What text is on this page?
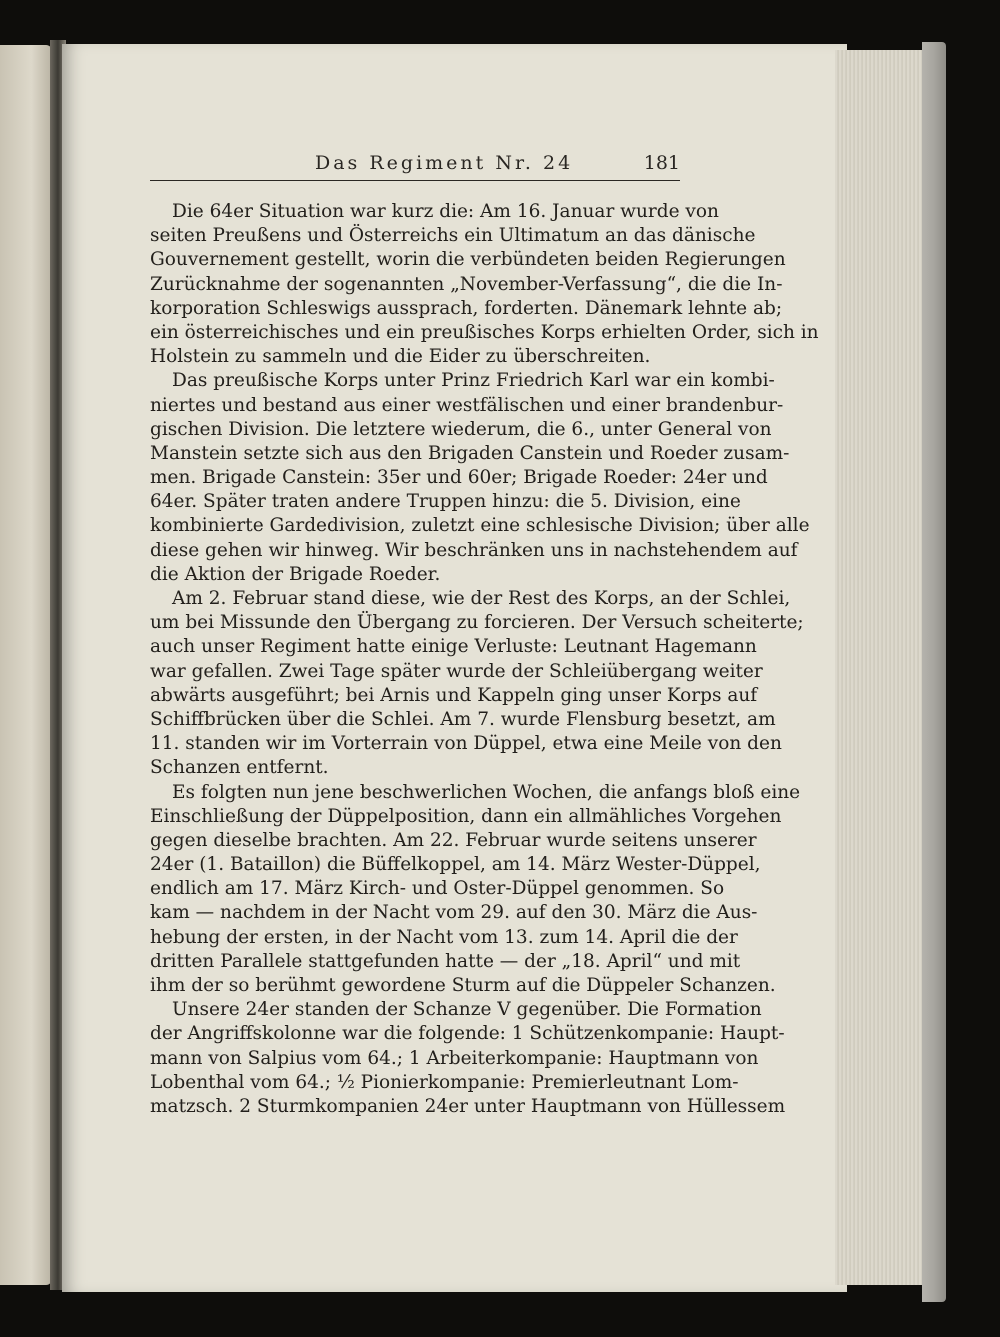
Das Regiment Nr. 24	181
Die 64er Situation war kurz die: Am 16. Januar wurde von
seiten Preußens und Österreichs ein Ultimatum an das dänische
Gouvernement gestellt, worin die verbündeten beiden Regierungen
Zurücknahme der sogenannten „November-Verfassung“, die die In-
korporation Schleswigs aussprach, forderten. Dänemark lehnte ab;
ein österreichisches und ein preußisches Korps erhielten Order, sich in
Holstein zu sammeln und die Eider zu überschreiten.
Das preußische Korps unter Prinz Friedrich Karl war ein kombi-
niertes und bestand aus einer westfälischen und einer brandenbur-
gischen Division. Die letztere wiederum, die 6., unter General von
Manstein setzte sich aus den Brigaden Canstein und Roeder zusam-
men. Brigade Canstein: 35er und 60er; Brigade Roeder: 24er und
64er. Später traten andere Truppen hinzu: die 5. Division, eine
kombinierte Gardedivision, zuletzt eine schlesische Division; über alle
diese gehen wir hinweg. Wir beschränken uns in nachstehendem auf
die Aktion der Brigade Roeder.
Am 2. Februar stand diese, wie der Rest des Korps, an der Schlei,
um bei Missunde den Übergang zu forcieren. Der Versuch scheiterte;
auch unser Regiment hatte einige Verluste: Leutnant Hagemann
war gefallen. Zwei Tage später wurde der Schleiübergang weiter
abwärts ausgeführt; bei Arnis und Kappeln ging unser Korps auf
Schiffbrücken über die Schlei. Am 7. wurde Flensburg besetzt, am
11. standen wir im Vorterrain von Düppel, etwa eine Meile von den
Schanzen entfernt.
Es folgten nun jene beschwerlichen Wochen, die anfangs bloß eine
Einschließung der Düppelposition, dann ein allmähliches Vorgehen
gegen dieselbe brachten. Am 22. Februar wurde seitens unserer
24er (1. Bataillon) die Büffelkoppel, am 14. März Wester-Düppel,
endlich am 17. März Kirch- und Oster-Düppel genommen. So
kam — nachdem in der Nacht vom 29. auf den 30. März die Aus-
hebung der ersten, in der Nacht vom 13. zum 14. April die der
dritten Parallele stattgefunden hatte — der „18. April“ und mit
ihm der so berühmt gewordene Sturm auf die Düppeler Schanzen.
Unsere 24er standen der Schanze V gegenüber. Die Formation
der Angriffskolonne war die folgende: 1 Schützenkompanie: Haupt-
mann von Salpius vom 64.; 1 Arbeiterkompanie: Hauptmann von
Lobenthal vom 64.; ½ Pionierkompanie: Premierleutnant Lom-
matzsch. 2 Sturmkompanien 24er unter Hauptmann von Hüllessem
